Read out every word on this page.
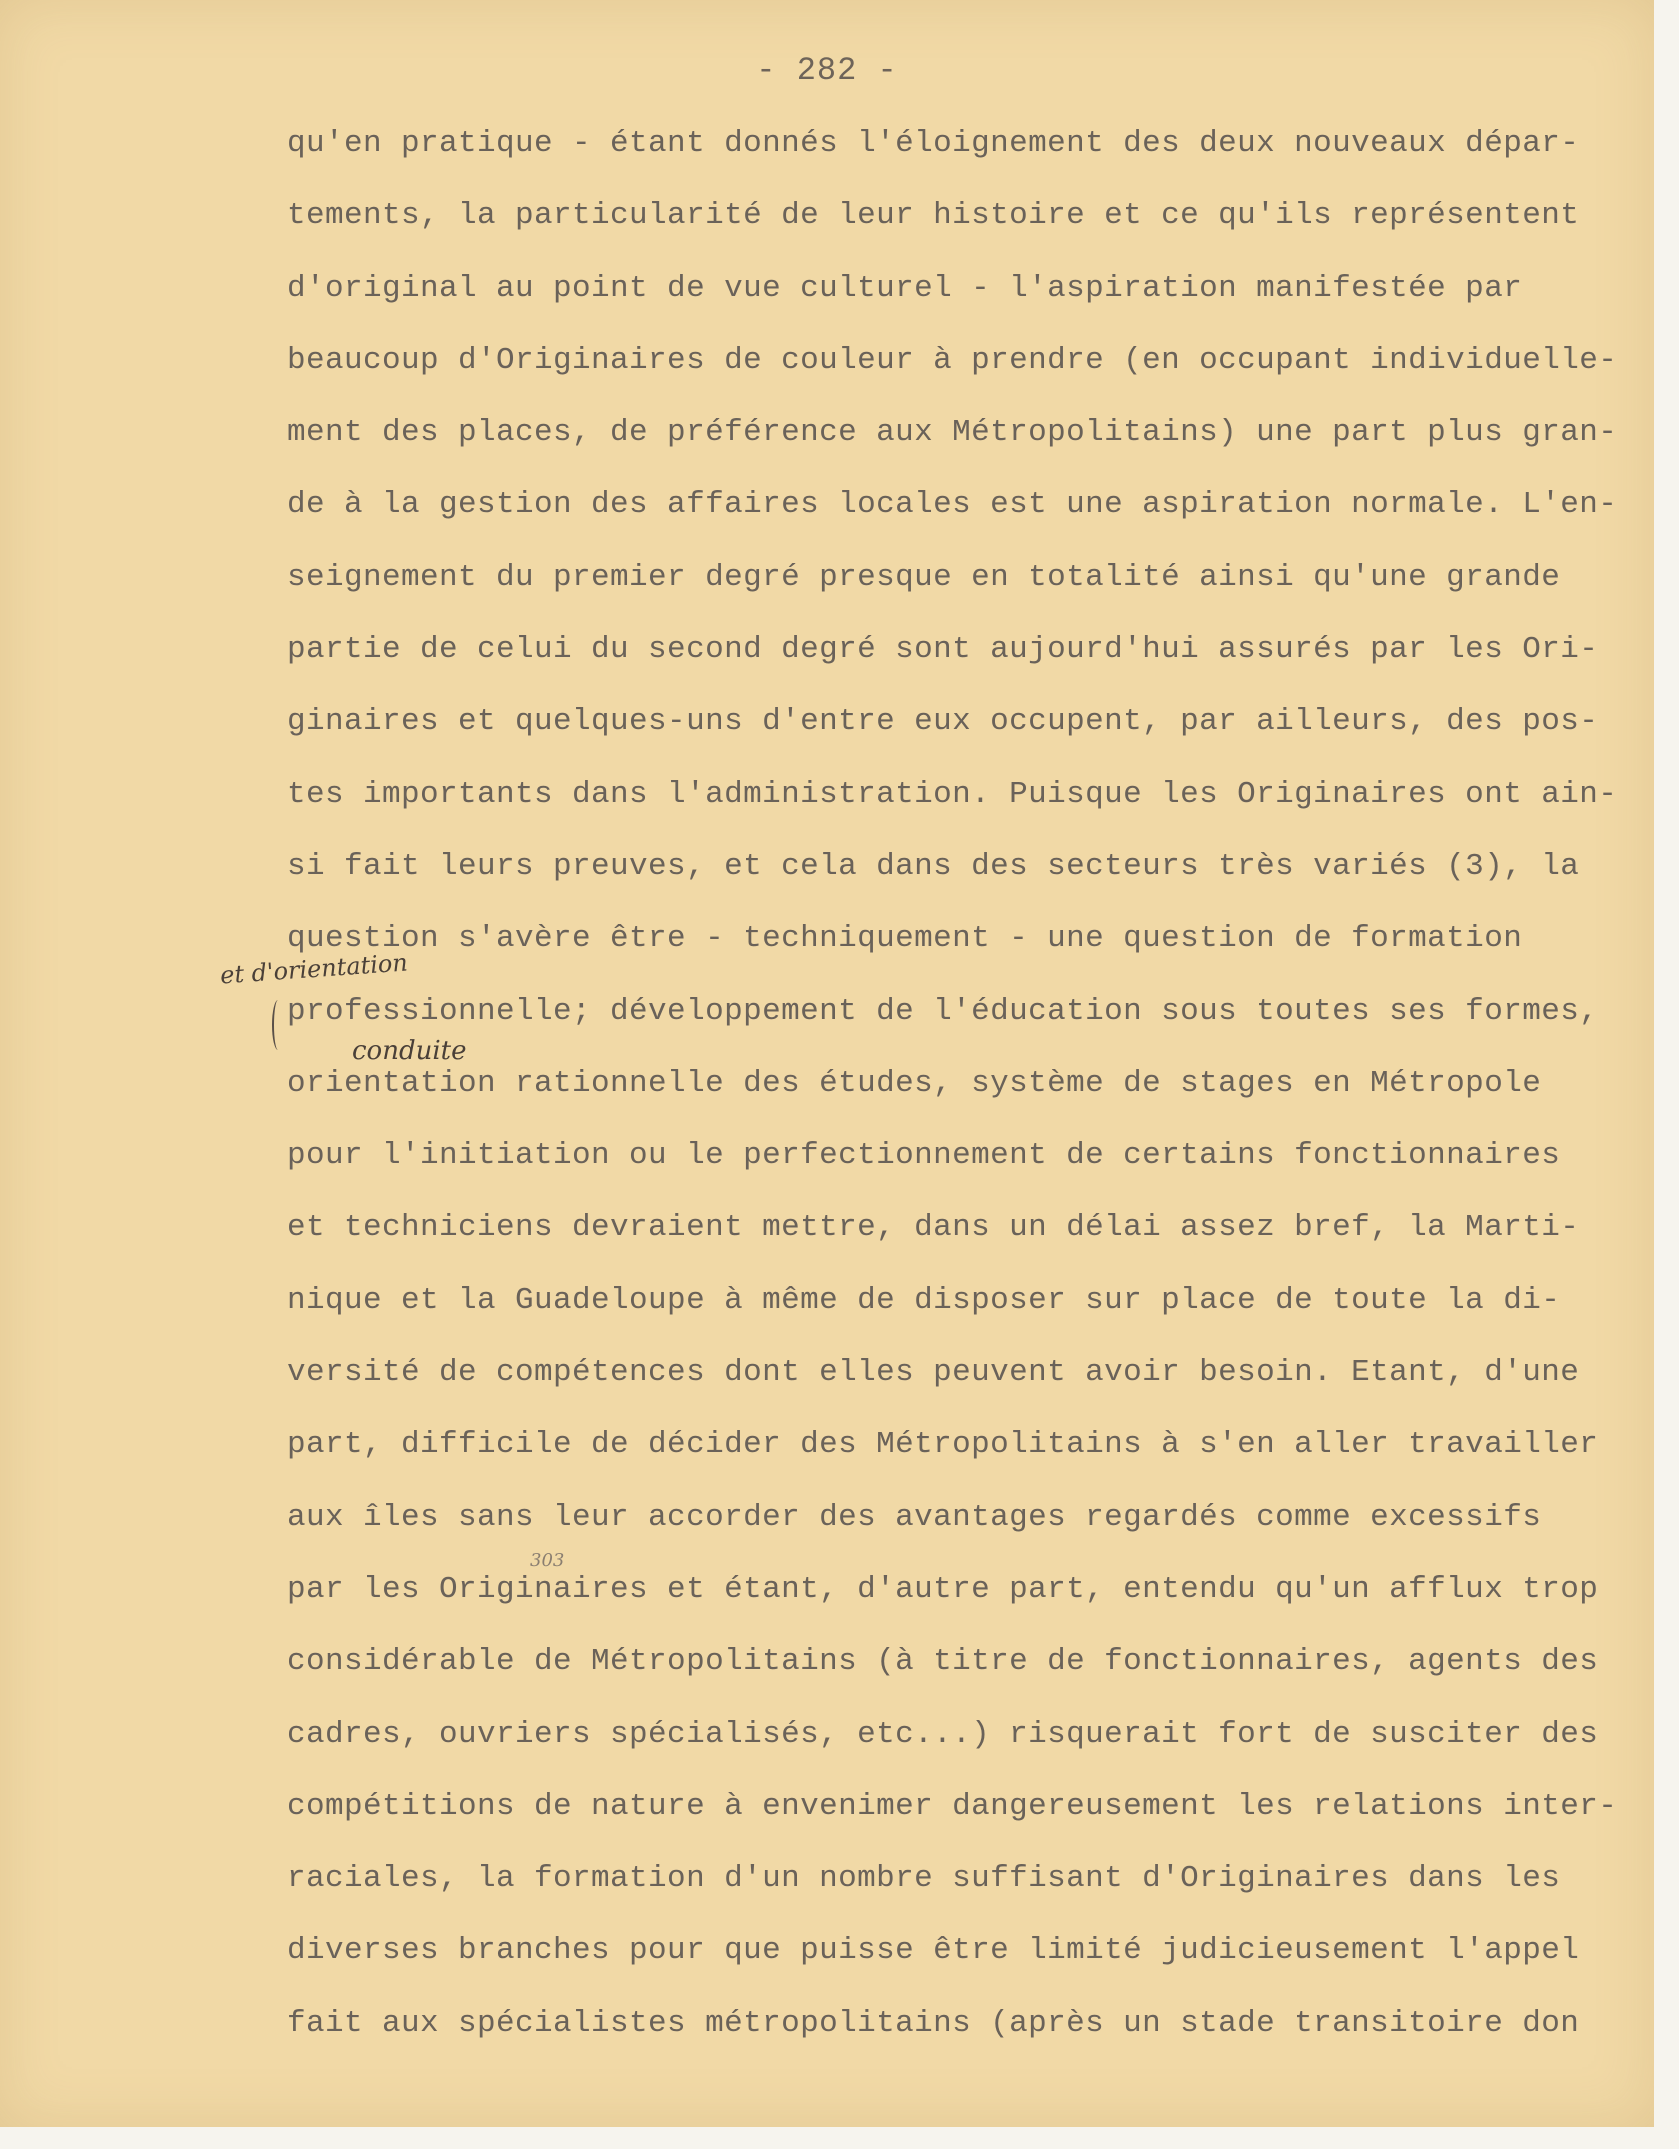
- 282 -
qu'en pratique - étant donnés l'éloignement des deux nouveaux dépar-
tements, la particularité de leur histoire et ce qu'ils représentent
d'original au point de vue culturel - l'aspiration manifestée par
beaucoup d'Originaires de couleur à prendre (en occupant individuelle-
ment des places, de préférence aux Métropolitains) une part plus gran-
de à la gestion des affaires locales est une aspiration normale. L'en-
seignement du premier degré presque en totalité ainsi qu'une grande
partie de celui du second degré sont aujourd'hui assurés par les Ori-
ginaires et quelques-uns d'entre eux occupent, par ailleurs, des pos-
tes importants dans l'administration. Puisque les Originaires ont ain-
si fait leurs preuves, et cela dans des secteurs très variés (3), la
question s'avère être - techniquement - une question de formation
professionnelle; développement de l'éducation sous toutes ses formes,
orientation rationnelle des études, système de stages en Métropole
pour l'initiation ou le perfectionnement de certains fonctionnaires
et techniciens devraient mettre, dans un délai assez bref, la Marti-
nique et la Guadeloupe à même de disposer sur place de toute la di-
versité de compétences dont elles peuvent avoir besoin. Etant, d'une
part, difficile de décider des Métropolitains à s'en aller travailler
aux îles sans leur accorder des avantages regardés comme excessifs
par les Originaires et étant, d'autre part, entendu qu'un afflux trop
considérable de Métropolitains (à titre de fonctionnaires, agents des
cadres, ouvriers spécialisés, etc...) risquerait fort de susciter des
compétitions de nature à envenimer dangereusement les relations inter-
raciales, la formation d'un nombre suffisant d'Originaires dans les
diverses branches pour que puisse être limité judicieusement l'appel
fait aux spécialistes métropolitains (après un stade transitoire don
et d'orientation
conduite
303
